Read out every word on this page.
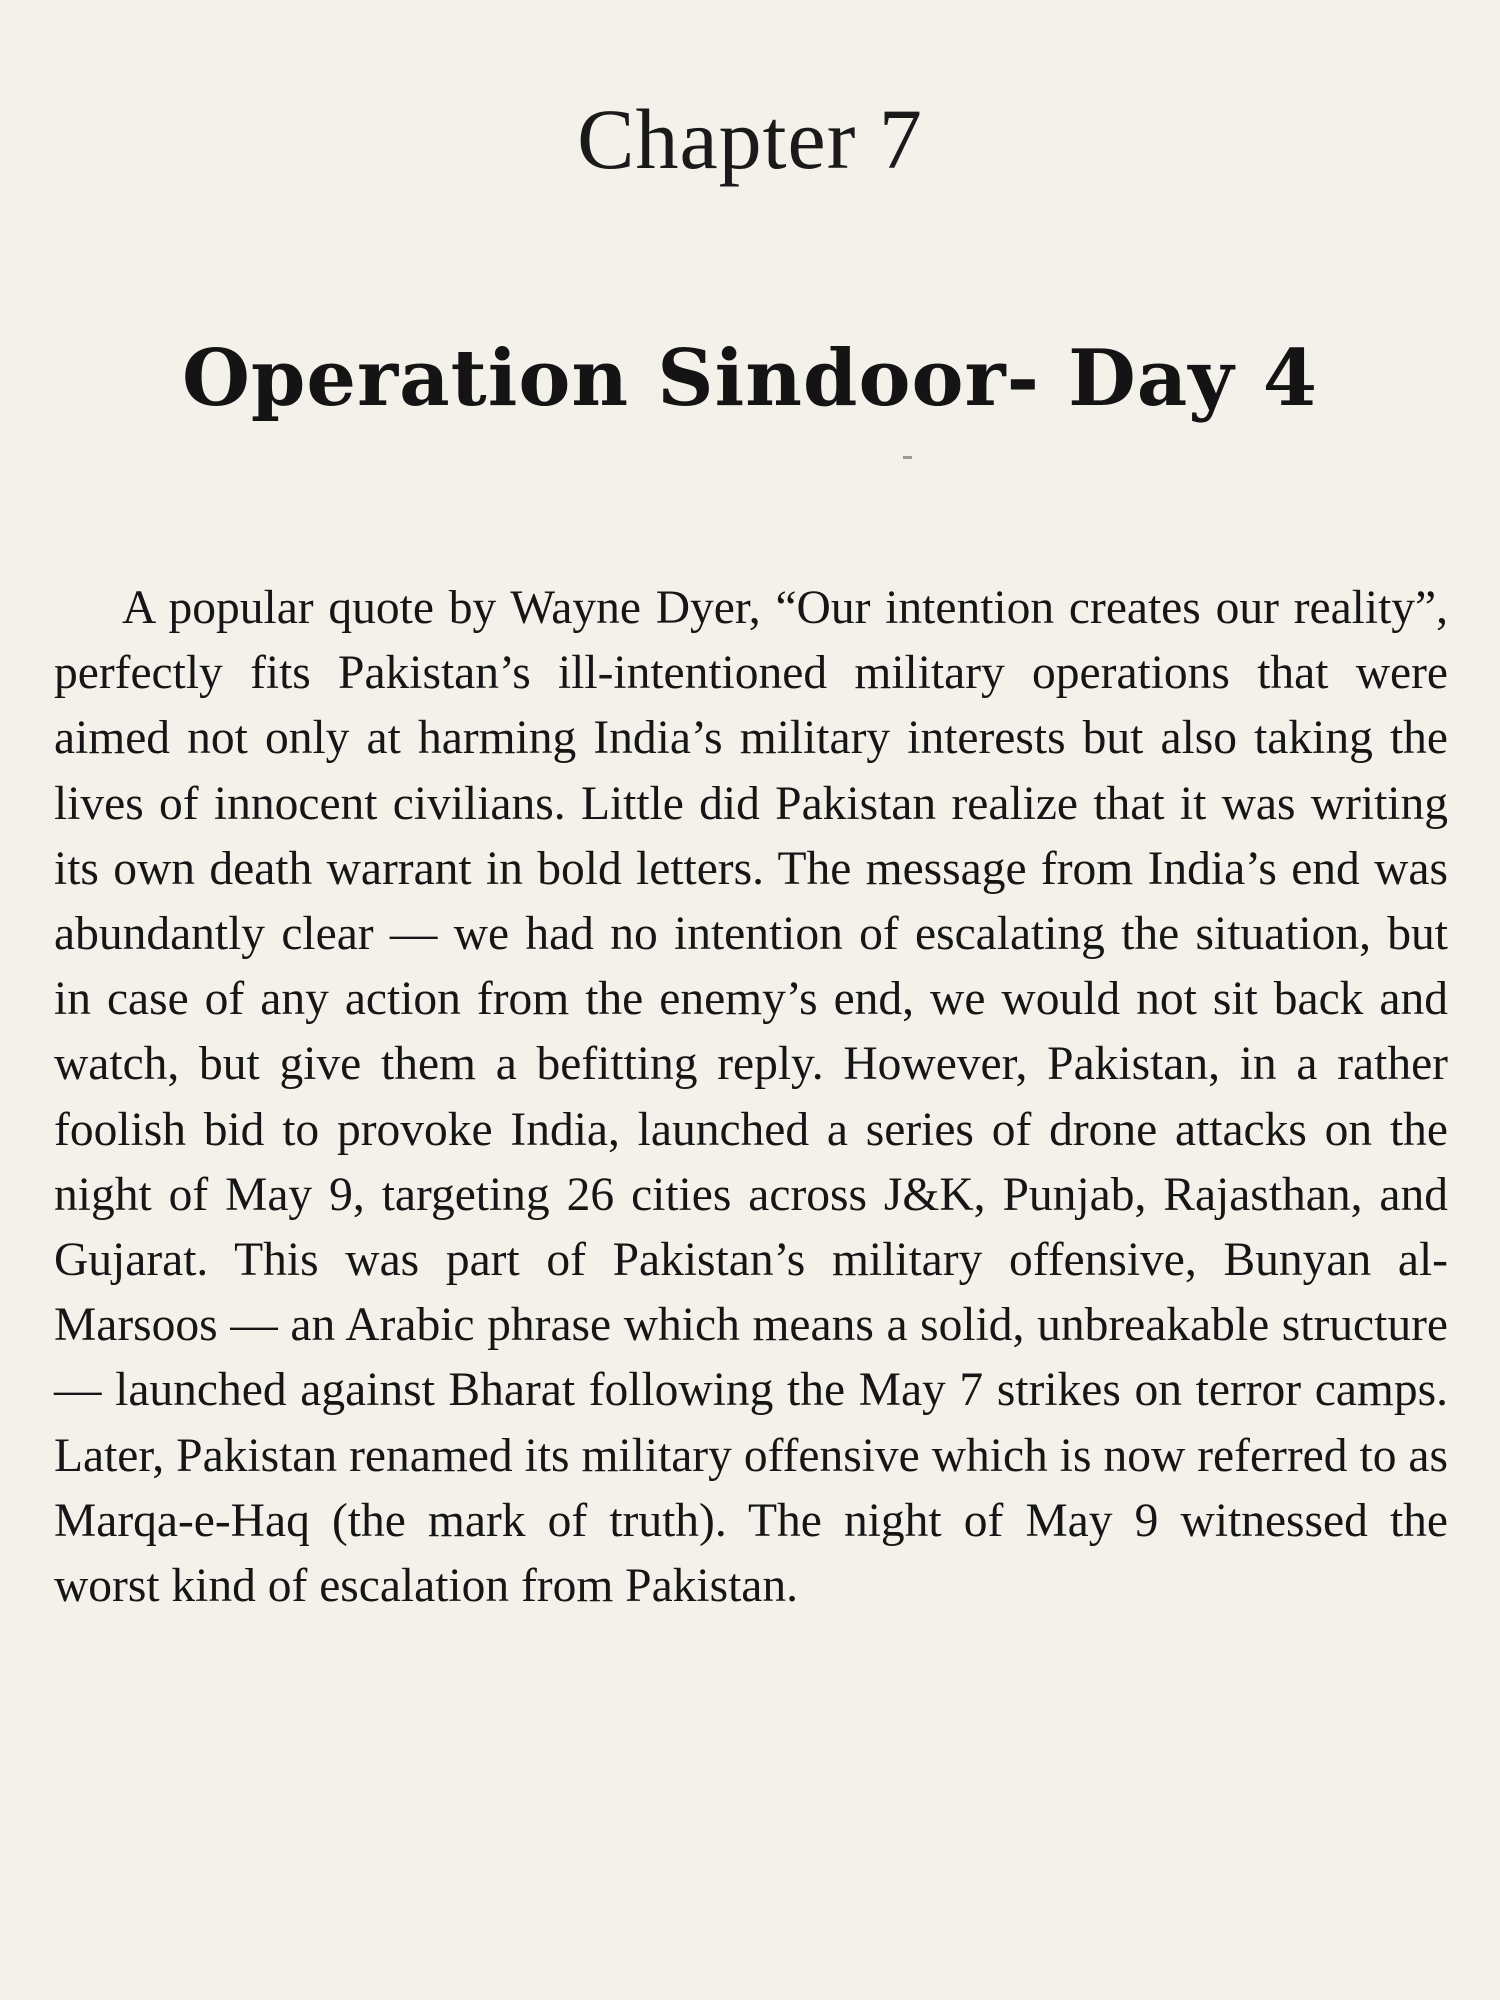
Chapter 7
Operation Sindoor- Day 4

A popular quote by Wayne Dyer, “Our intention creates our reality”, perfectly fits Pakistan’s ill-intentioned military operations that were aimed not only at harming India’s military interests but also taking the lives of innocent civilians. Little did Pakistan realize that it was writing its own death warrant in bold letters. The message from India’s end was abundantly clear — we had no intention of escalating the situation, but in case of any action from the enemy’s end, we would not sit back and watch, but give them a befitting reply. However, Pakistan, in a rather foolish bid to provoke India, launched a series of drone attacks on the night of May 9, targeting 26 cities across J&K, Punjab, Rajasthan, and Gujarat. This was part of Pakistan’s military offensive, Bunyan al-Marsoos — an Arabic phrase which means a solid, unbreakable structure — launched against Bharat following the May 7 strikes on terror camps. Later, Pakistan renamed its military offensive which is now referred to as Marqa-e-Haq (the mark of truth). The night of May 9 witnessed the worst kind of escalation from Pakistan.
